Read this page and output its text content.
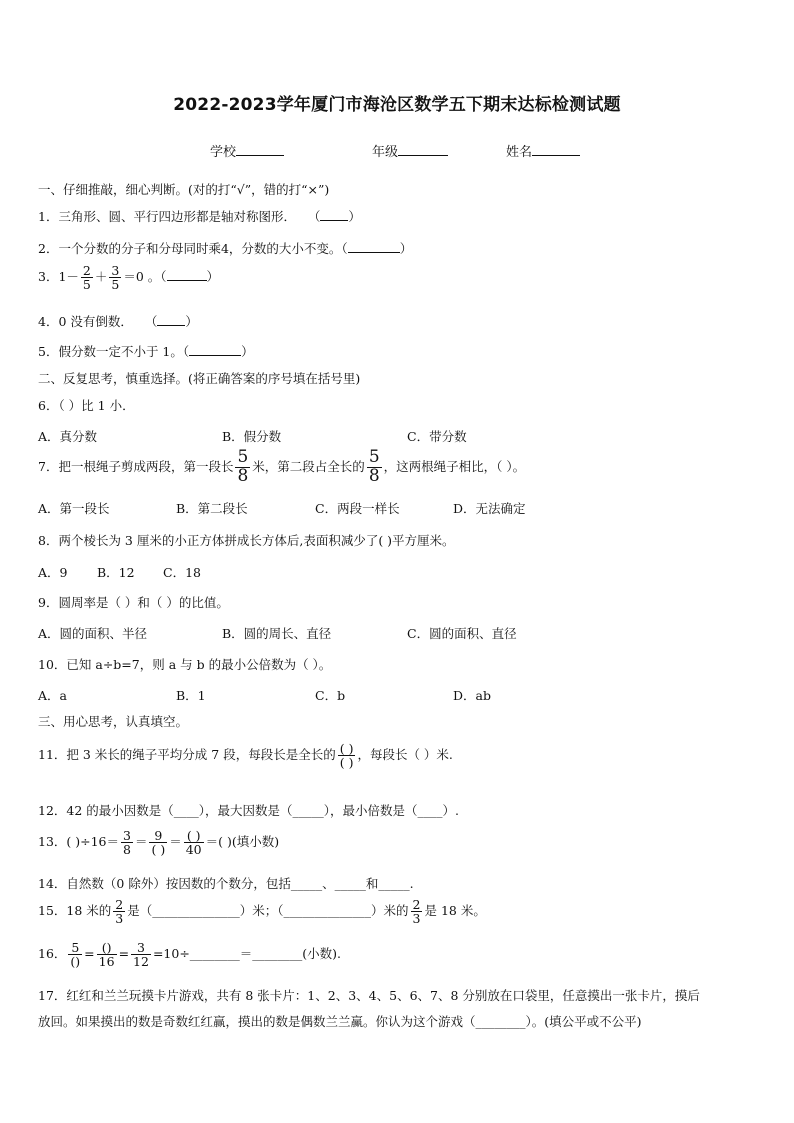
2022-2023学年厦门市海沧区数学五下期末达标检测试题
学校	年级	姓名
一、仔细推敲，细心判断。(对的打“√”，错的打“×”)
1．三角形、圆、平行四边形都是轴对称图形． （ ）
2．一个分数的分子和分母同时乘4，分数的大小不变。（	）
3．$1- \frac{2}{5} + \frac{3}{5} =0$ 。（	）
4．0 没有倒数． （ ）
5．假分数一定不小于 1。（	）
二、反复思考，慎重选择。(将正确答案的序号填在括号里)
6．（ ）比 1 小．
A．真分数	B．假分数	C．带分数
7．把一根绳子剪成两段，第一段长 $\frac{5}{8}$ 米，第二段占全长的 $\frac{5}{8}$ ，这两根绳子相比，（ ）。
A．第一段长	B．第二段长	C．两段一样长	D．无法确定
8．两个棱长为 3 厘米的小正方体拼成长方体后,表面积减少了( )平方厘米。
A．9 B．12 C．18
9．圆周率是（ ）和（ ）的比值。
A．圆的面积、半径	B．圆的周长、直径	C．圆的面积、直径
10．已知 a÷b=7，则 a 与 b 的最小公倍数为（ ）。
A．a	B．1	C．b	D．ab
三、用心思考，认真填空。
11．把 3 米长的绳子平均分成 7 段，每段长是全长的 $\frac{( )}{( )}$ ，每段长（ ）米.
12．42 的最小因数是（____），最大因数是（_____），最小倍数是（____）.
13．( )$\div 16= \frac{3}{8} = \frac{9}{( )} = \frac{( )}{40}$ ＝( )(填小数)
14．自然数（0 除外）按因数的个数分，包括_____、_____和_____.
15．18 米的 $\frac{2}{3}$ 是（______________）米；（______________）米的 $\frac{2}{3}$ 是 18 米。
16． $\frac{5}{()} = \frac{()}{16} = \frac{3}{12}$ =10÷________＝________(小数).
17．红红和兰兰玩摸卡片游戏，共有 8 张卡片：1、2、3、4、5、6、7、8 分别放在口袋里，任意摸出一张卡片，摸后
放回。如果摸出的数是奇数红红赢，摸出的数是偶数兰兰赢。你认为这个游戏（________）。(填公平或不公平)
